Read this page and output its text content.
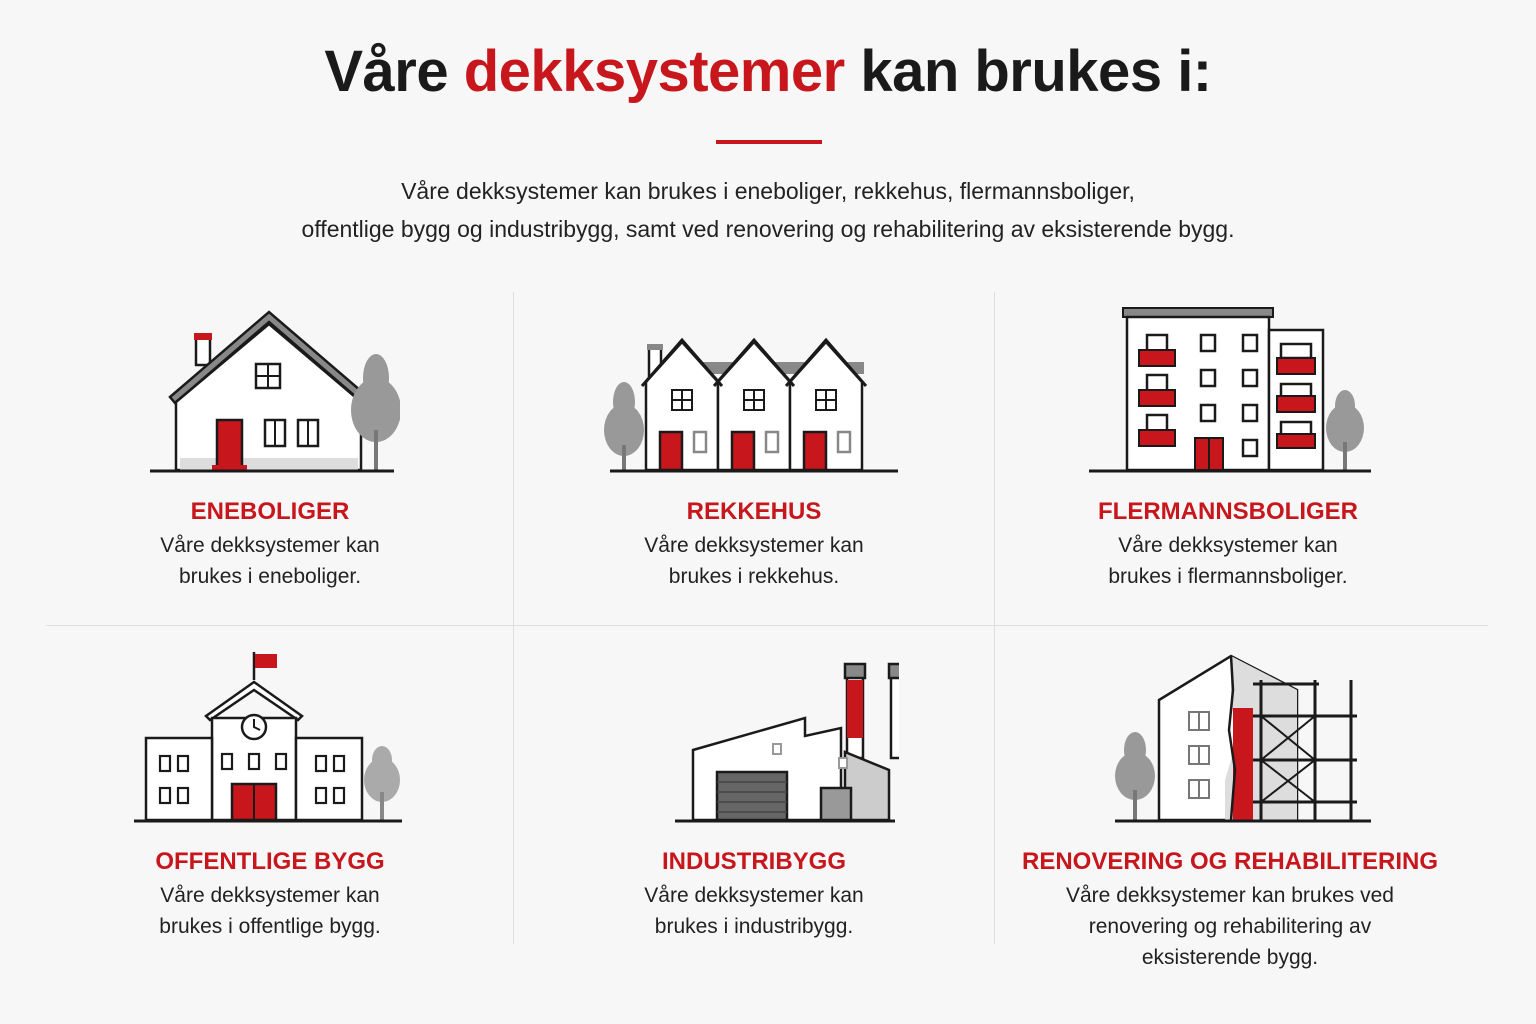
Våre dekksystemer kan brukes i:
Våre dekksystemer kan brukes i eneboliger, rekkehus, flermannsboliger,
offentlige bygg og industribygg, samt ved renovering og rehabilitering av eksisterende bygg.
ENEBOLIGER
Våre dekksystemer kan
brukes i eneboliger.
REKKEHUS
Våre dekksystemer kan
brukes i rekkehus.
FLERMANNSBOLIGER
Våre dekksystemer kan
brukes i flermannsboliger.
OFFENTLIGE BYGG
Våre dekksystemer kan
brukes i offentlige bygg.
INDUSTRIBYGG
Våre dekksystemer kan
brukes i industribygg.
RENOVERING OG REHABILITERING
Våre dekksystemer kan brukes ved
renovering og rehabilitering av
eksisterende bygg.
